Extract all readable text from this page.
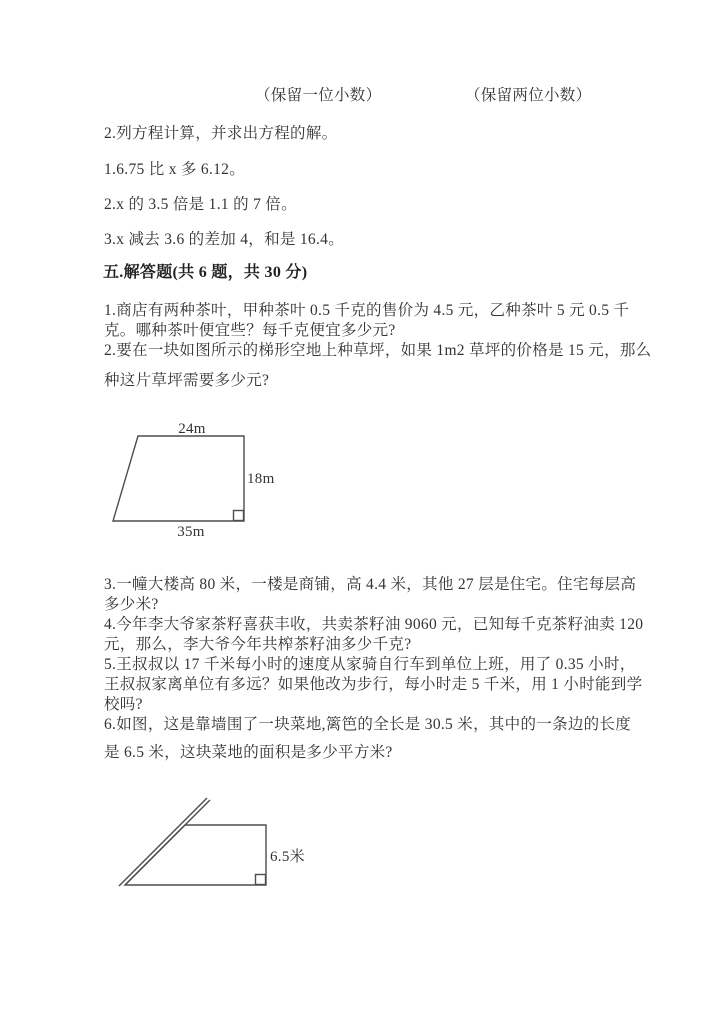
（保留一位小数）	（保留两位小数）
2.列方程计算，并求出方程的解。
1.6.75 比 x 多 6.12。
2.x 的 3.5 倍是 1.1 的 7 倍。
3.x 减去 3.6 的差加 4，和是 16.4。
五.解答题(共 6 题，共 30 分)
1.商店有两种茶叶，甲种茶叶 0.5 千克的售价为 4.5 元，乙种茶叶 5 元 0.5 千
克。哪种茶叶便宜些？每千克便宜多少元?
2.要在一块如图所示的梯形空地上种草坪，如果 1m2 草坪的价格是 15 元，那么
种这片草坪需要多少元?
24m
18m
35m
3.一幢大楼高 80 米，一楼是商铺，高 4.4 米，其他 27 层是住宅。住宅每层高
多少米?
4.今年李大爷家茶籽喜获丰收，共卖茶籽油 9060 元，已知每千克茶籽油卖 120
元，那么，李大爷今年共榨茶籽油多少千克?
5.王叔叔以 17 千米每小时的速度从家骑自行车到单位上班，用了 0.35 小时，
王叔叔家离单位有多远？如果他改为步行，每小时走 5 千米，用 1 小时能到学
校吗?
6.如图，这是靠墙围了一块菜地,篱笆的全长是 30.5 米，其中的一条边的长度
是 6.5 米，这块菜地的面积是多少平方米?
6.5米
